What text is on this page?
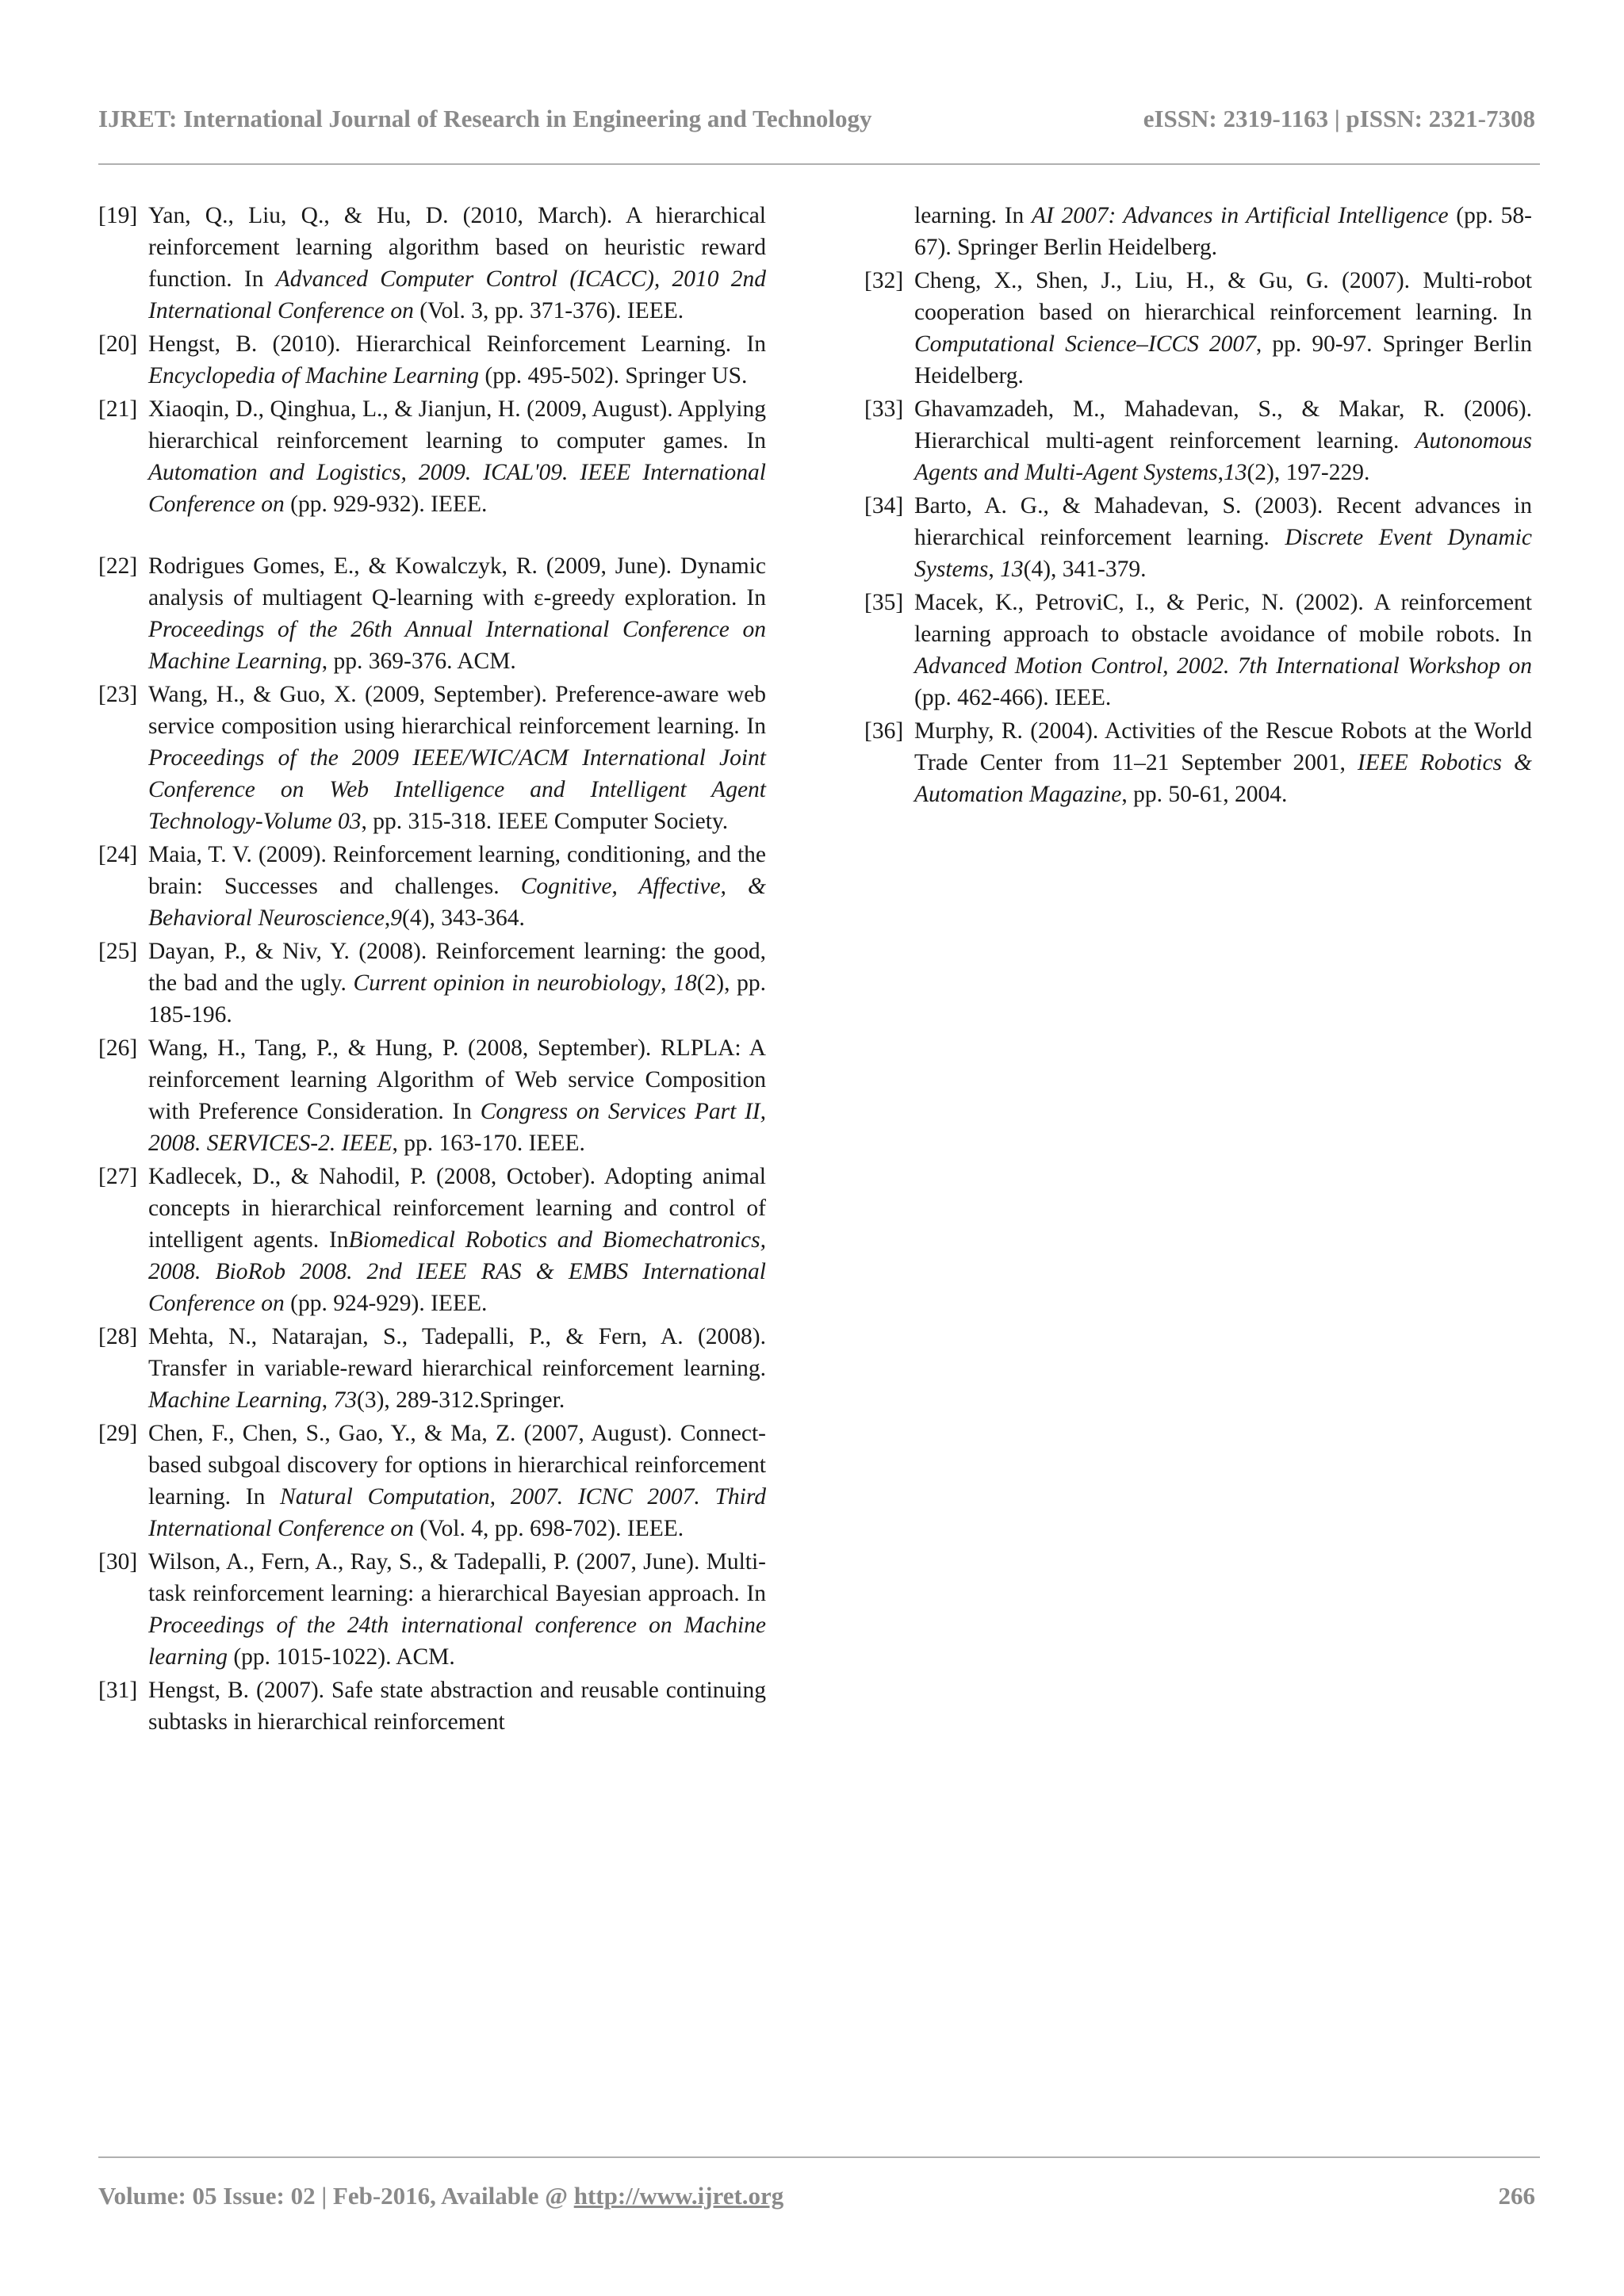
IJRET: International Journal of Research in Engineering and Technology	eISSN: 2319-1163 | pISSN: 2321-7308
[19] Yan, Q., Liu, Q., & Hu, D. (2010, March). A hierarchical reinforcement learning algorithm based on heuristic reward function. In Advanced Computer Control (ICACC), 2010 2nd International Conference on (Vol. 3, pp. 371-376). IEEE.
[20] Hengst, B. (2010). Hierarchical Reinforcement Learning. In Encyclopedia of Machine Learning (pp. 495-502). Springer US.
[21] Xiaoqin, D., Qinghua, L., & Jianjun, H. (2009, August). Applying hierarchical reinforcement learning to computer games. In Automation and Logistics, 2009. ICAL'09. IEEE International Conference on (pp. 929-932). IEEE.
[22] Rodrigues Gomes, E., & Kowalczyk, R. (2009, June). Dynamic analysis of multiagent Q-learning with ε-greedy exploration. In Proceedings of the 26th Annual International Conference on Machine Learning, pp. 369-376. ACM.
[23] Wang, H., & Guo, X. (2009, September). Preference-aware web service composition using hierarchical reinforcement learning. In Proceedings of the 2009 IEEE/WIC/ACM International Joint Conference on Web Intelligence and Intelligent Agent Technology-Volume 03, pp. 315-318. IEEE Computer Society.
[24] Maia, T. V. (2009). Reinforcement learning, conditioning, and the brain: Successes and challenges. Cognitive, Affective, & Behavioral Neuroscience,9(4), 343-364.
[25] Dayan, P., & Niv, Y. (2008). Reinforcement learning: the good, the bad and the ugly. Current opinion in neurobiology, 18(2), pp. 185-196.
[26] Wang, H., Tang, P., & Hung, P. (2008, September). RLPLA: A reinforcement learning Algorithm of Web service Composition with Preference Consideration. In Congress on Services Part II, 2008. SERVICES-2. IEEE, pp. 163-170. IEEE.
[27] Kadlecek, D., & Nahodil, P. (2008, October). Adopting animal concepts in hierarchical reinforcement learning and control of intelligent agents. InBiomedical Robotics and Biomechatronics, 2008. BioRob 2008. 2nd IEEE RAS & EMBS International Conference on (pp. 924-929). IEEE.
[28] Mehta, N., Natarajan, S., Tadepalli, P., & Fern, A. (2008). Transfer in variable-reward hierarchical reinforcement learning. Machine Learning, 73(3), 289-312.Springer.
[29] Chen, F., Chen, S., Gao, Y., & Ma, Z. (2007, August). Connect-based subgoal discovery for options in hierarchical reinforcement learning. In Natural Computation, 2007. ICNC 2007. Third International Conference on (Vol. 4, pp. 698-702). IEEE.
[30] Wilson, A., Fern, A., Ray, S., & Tadepalli, P. (2007, June). Multi-task reinforcement learning: a hierarchical Bayesian approach. In Proceedings of the 24th international conference on Machine learning (pp. 1015-1022). ACM.
[31] Hengst, B. (2007). Safe state abstraction and reusable continuing subtasks in hierarchical reinforcement
learning. In AI 2007: Advances in Artificial Intelligence (pp. 58-67). Springer Berlin Heidelberg.
[32] Cheng, X., Shen, J., Liu, H., & Gu, G. (2007). Multi-robot cooperation based on hierarchical reinforcement learning. In Computational Science–ICCS 2007, pp. 90-97. Springer Berlin Heidelberg.
[33] Ghavamzadeh, M., Mahadevan, S., & Makar, R. (2006). Hierarchical multi-agent reinforcement learning. Autonomous Agents and Multi-Agent Systems,13(2), 197-229.
[34] Barto, A. G., & Mahadevan, S. (2003). Recent advances in hierarchical reinforcement learning. Discrete Event Dynamic Systems, 13(4), 341-379.
[35] Macek, K., PetroviC, I., & Peric, N. (2002). A reinforcement learning approach to obstacle avoidance of mobile robots. In Advanced Motion Control, 2002. 7th International Workshop on (pp. 462-466). IEEE.
[36] Murphy, R. (2004). Activities of the Rescue Robots at the World Trade Center from 11–21 September 2001, IEEE Robotics & Automation Magazine, pp. 50-61, 2004.
Volume: 05 Issue: 02 | Feb-2016, Available @ http://www.ijret.org	266
